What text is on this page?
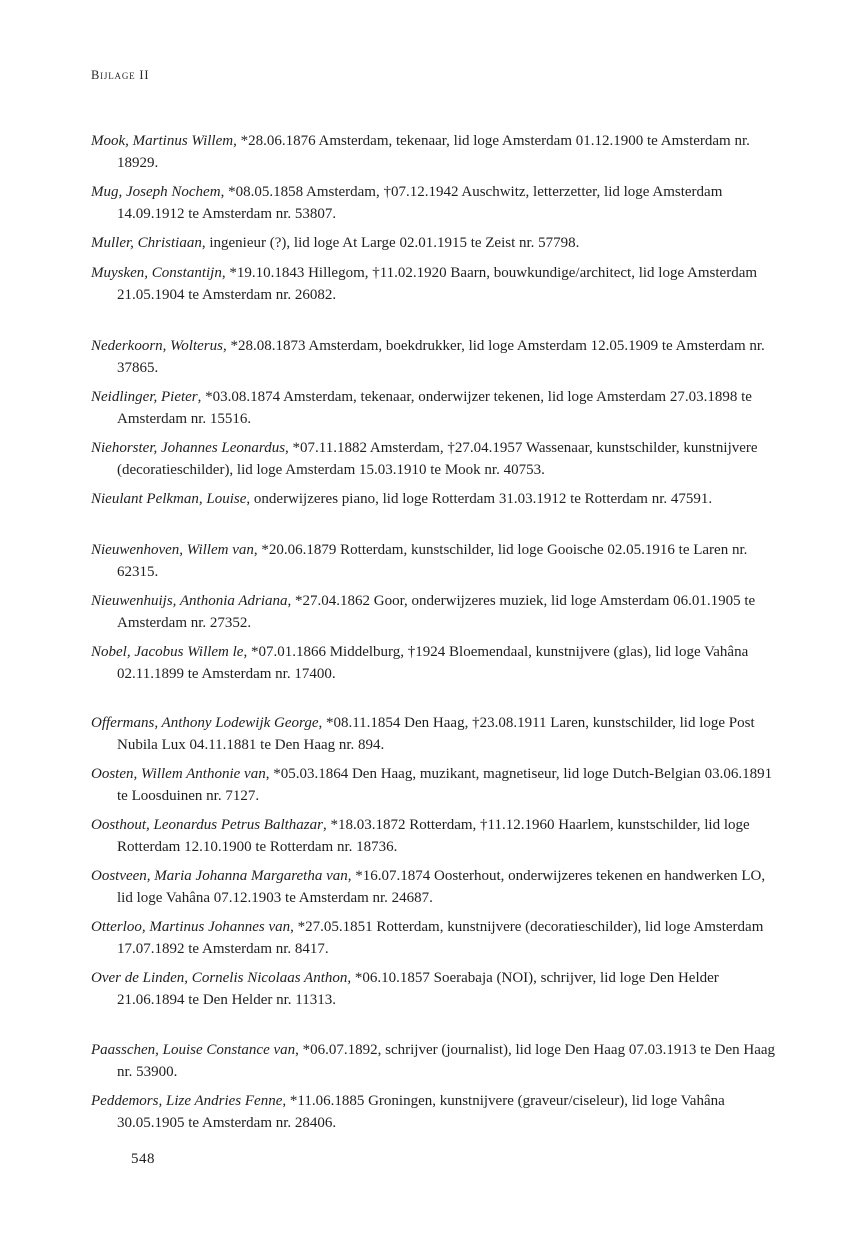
Bijlage II
Mook, Martinus Willem, *28.06.1876 Amsterdam, tekenaar, lid loge Amsterdam 01.12.1900 te Amsterdam nr. 18929.
Mug, Joseph Nochem, *08.05.1858 Amsterdam, †07.12.1942 Auschwitz, letterzetter, lid loge Amsterdam 14.09.1912 te Amsterdam nr. 53807.
Muller, Christiaan, ingenieur (?), lid loge At Large 02.01.1915 te Zeist nr. 57798.
Muysken, Constantijn, *19.10.1843 Hillegom, †11.02.1920 Baarn, bouwkundige/architect, lid loge Amsterdam 21.05.1904 te Amsterdam nr. 26082.
Nederkoorn, Wolterus, *28.08.1873 Amsterdam, boekdrukker, lid loge Amsterdam 12.05.1909 te Amsterdam nr. 37865.
Neidlinger, Pieter, *03.08.1874 Amsterdam, tekenaar, onderwijzer tekenen, lid loge Amsterdam 27.03.1898 te Amsterdam nr. 15516.
Niehorster, Johannes Leonardus, *07.11.1882 Amsterdam, †27.04.1957 Wassenaar, kunstschilder, kunstnijvere (decoratieschilder), lid loge Amsterdam 15.03.1910 te Mook nr. 40753.
Nieulant Pelkman, Louise, onderwijzeres piano, lid loge Rotterdam 31.03.1912 te Rotterdam nr. 47591.
Nieuwenhoven, Willem van, *20.06.1879 Rotterdam, kunstschilder, lid loge Gooische 02.05.1916 te Laren nr. 62315.
Nieuwenhuijs, Anthonia Adriana, *27.04.1862 Goor, onderwijzeres muziek, lid loge Amsterdam 06.01.1905 te Amsterdam nr. 27352.
Nobel, Jacobus Willem le, *07.01.1866 Middelburg, †1924 Bloemendaal, kunstnijvere (glas), lid loge Vahâna 02.11.1899 te Amsterdam nr. 17400.
Offermans, Anthony Lodewijk George, *08.11.1854 Den Haag, †23.08.1911 Laren, kunstschilder, lid loge Post Nubila Lux 04.11.1881 te Den Haag nr. 894.
Oosten, Willem Anthonie van, *05.03.1864 Den Haag, muzikant, magnetiseur, lid loge Dutch-Belgian 03.06.1891 te Loosduinen nr. 7127.
Oosthout, Leonardus Petrus Balthazar, *18.03.1872 Rotterdam, †11.12.1960 Haarlem, kunstschilder, lid loge Rotterdam 12.10.1900 te Rotterdam nr. 18736.
Oostveen, Maria Johanna Margaretha van, *16.07.1874 Oosterhout, onderwijzeres tekenen en handwerken LO, lid loge Vahâna 07.12.1903 te Amsterdam nr. 24687.
Otterloo, Martinus Johannes van, *27.05.1851 Rotterdam, kunstnijvere (decoratieschilder), lid loge Amsterdam 17.07.1892 te Amsterdam nr. 8417.
Over de Linden, Cornelis Nicolaas Anthon, *06.10.1857 Soerabaja (NOI), schrijver, lid loge Den Helder 21.06.1894 te Den Helder nr. 11313.
Paasschen, Louise Constance van, *06.07.1892, schrijver (journalist), lid loge Den Haag 07.03.1913 te Den Haag nr. 53900.
Peddemors, Lize Andries Fenne, *11.06.1885 Groningen, kunstnijvere (graveur/ciseleur), lid loge Vahâna 30.05.1905 te Amsterdam nr. 28406.
548
